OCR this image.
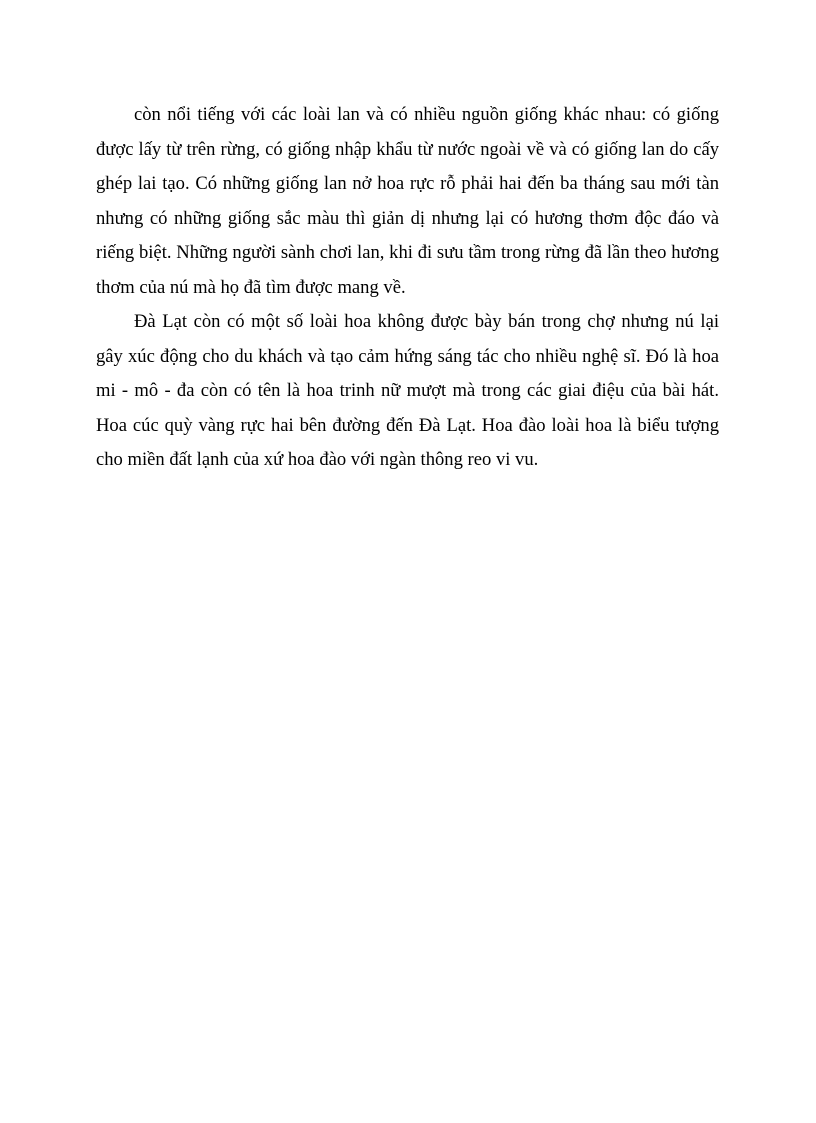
còn nổi tiếng với các loài lan và có nhiều nguồn giống khác nhau: có giống được lấy từ trên rừng, có giống nhập khẩu từ nước ngoài về và có giống lan do cấy ghép lai tạo. Có những giống lan nở hoa rực rỗ phải hai đến ba tháng sau mới tàn nhưng có những giống sắc màu thì giản dị nhưng lại có hương thơm độc đáo và riếng biệt. Những người sành chơi lan, khi đi sưu tầm trong rừng đã lần theo hương thơm của nú mà họ đã tìm được mang về.

Đà Lạt còn có một số loài hoa không được bày bán trong chợ nhưng nú lại gây xúc động cho du khách và tạo cảm hứng sáng tác cho nhiều nghệ sĩ. Đó là hoa mi - mô - đa còn có tên là hoa trinh nữ mượt mà trong các giai điệu của bài hát. Hoa cúc quỳ vàng rực hai bên đường đến Đà Lạt. Hoa đào loài hoa là biểu tượng cho miền đất lạnh của xứ hoa đào với ngàn thông reo vi vu.
